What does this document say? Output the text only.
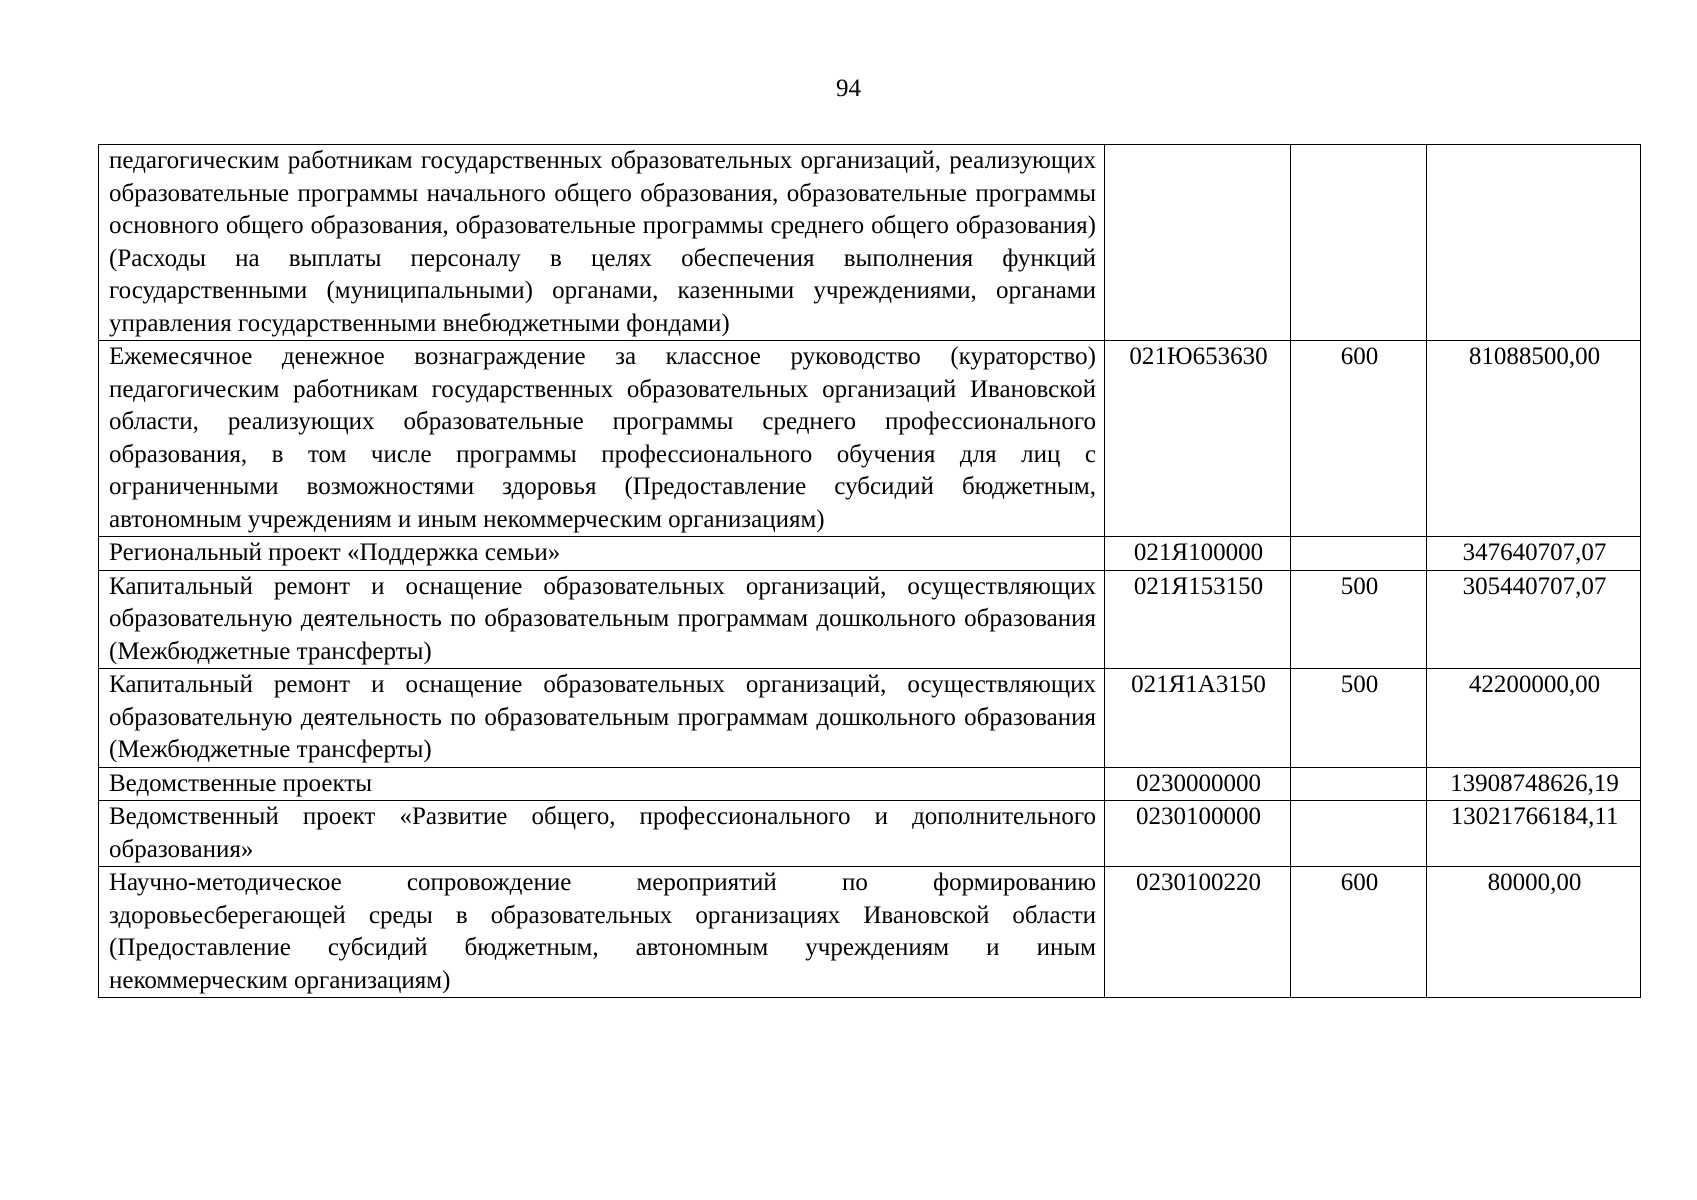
94
педагогическим работникам государственных образовательных организаций, реализующих образовательные программы начального общего образования, образовательные программы основного общего образования, образовательные программы среднего общего образования) (Расходы на выплаты персоналу в целях обеспечения выполнения функций государственными (муниципальными) органами, казенными учреждениями, органами управления государственными внебюджетными фондами)			
Ежемесячное денежное вознаграждение за классное руководство (кураторство) педагогическим работникам государственных образовательных организаций Ивановской области, реализующих образовательные программы среднего профессионального образования, в том числе программы профессионального обучения для лиц с ограниченными возможностями здоровья (Предоставление субсидий бюджетным, автономным учреждениям и иным некоммерческим организациям)	021Ю653630	600	81088500,00
Региональный проект «Поддержка семьи»	021Я100000		347640707,07
Капитальный ремонт и оснащение образовательных организаций, осуществляющих образовательную деятельность по образовательным программам дошкольного образования (Межбюджетные трансферты)	021Я153150	500	305440707,07
Капитальный ремонт и оснащение образовательных организаций, осуществляющих образовательную деятельность по образовательным программам дошкольного образования (Межбюджетные трансферты)	021Я1А3150	500	42200000,00
Ведомственные проекты	0230000000		13908748626,19
Ведомственный проект «Развитие общего, профессионального и дополнительного образования»	0230100000		13021766184,11
Научно-методическое сопровождение мероприятий по формированию здоровьесберегающей среды в образовательных организациях Ивановской области (Предоставление субсидий бюджетным, автономным учреждениям и иным некоммерческим организациям)	0230100220	600	80000,00
